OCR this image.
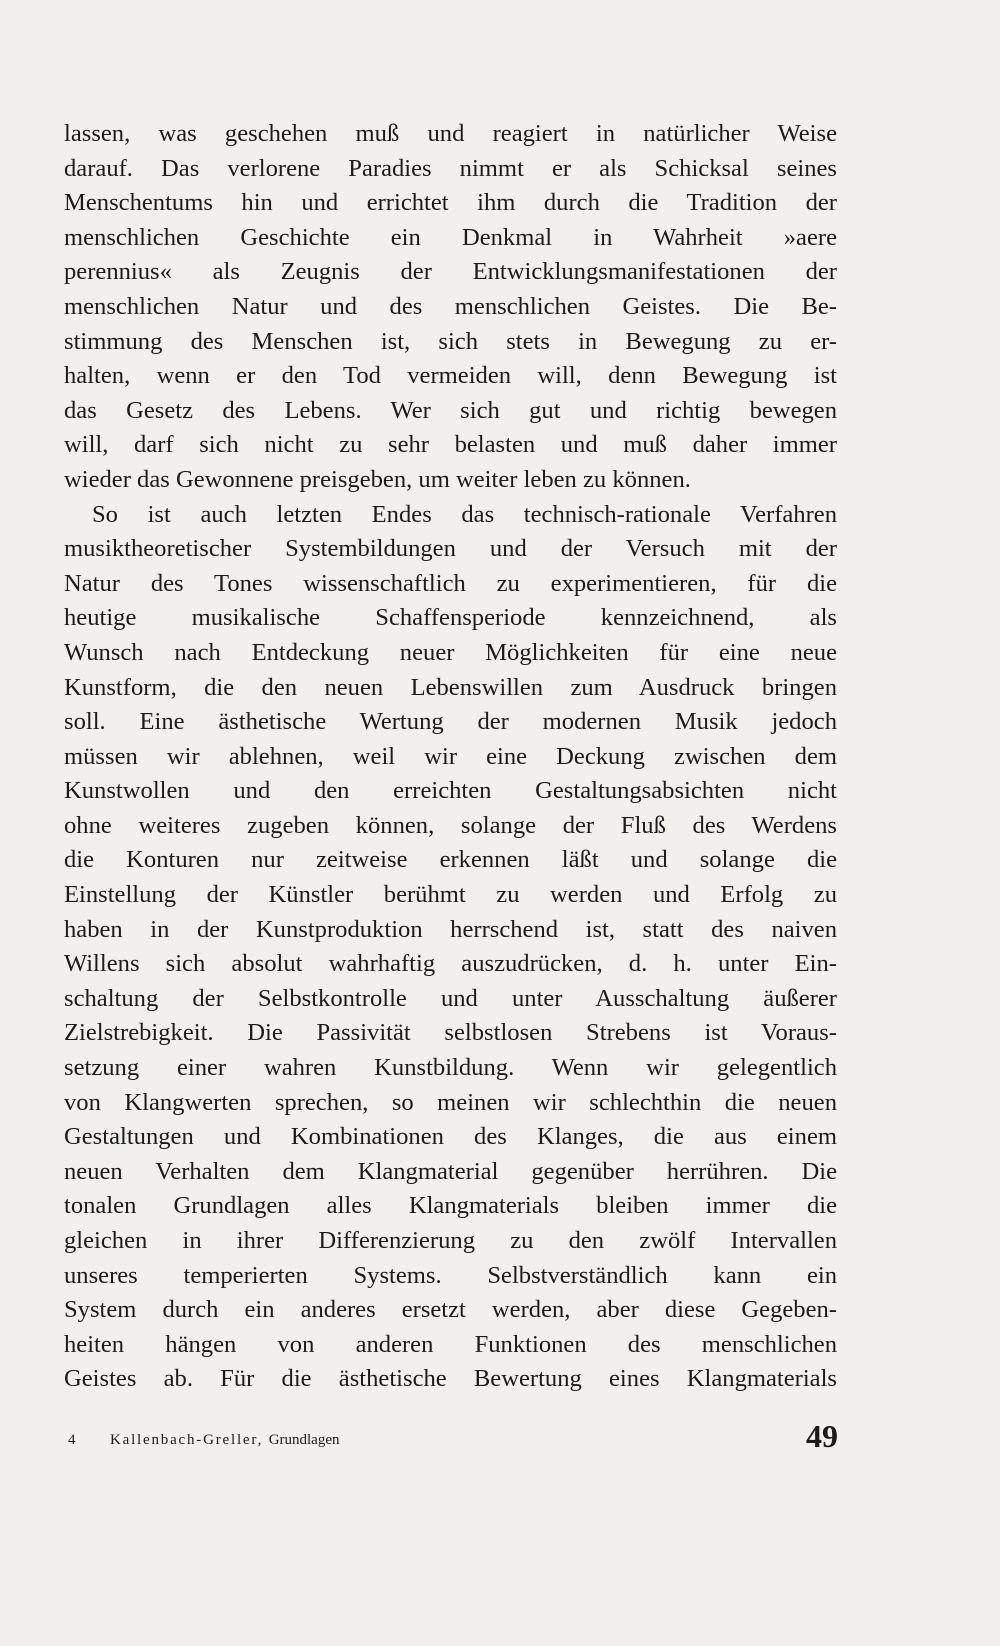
lassen, was geschehen muß und reagiert in natürlicher Weise
darauf. Das verlorene Paradies nimmt er als Schicksal seines
Menschentums hin und errichtet ihm durch die Tradition der
menschlichen Geschichte ein Denkmal in Wahrheit »aere
perennius« als Zeugnis der Entwicklungsmanifestationen der
menschlichen Natur und des menschlichen Geistes. Die Be-
stimmung des Menschen ist, sich stets in Bewegung zu er-
halten, wenn er den Tod vermeiden will, denn Bewegung ist
das Gesetz des Lebens. Wer sich gut und richtig bewegen
will, darf sich nicht zu sehr belasten und muß daher immer
wieder das Gewonnene preisgeben, um weiter leben zu können.
So ist auch letzten Endes das technisch-rationale Verfahren
musiktheoretischer Systembildungen und der Versuch mit der
Natur des Tones wissenschaftlich zu experimentieren, für die
heutige musikalische Schaffensperiode kennzeichnend, als
Wunsch nach Entdeckung neuer Möglichkeiten für eine neue
Kunstform, die den neuen Lebenswillen zum Ausdruck bringen
soll. Eine ästhetische Wertung der modernen Musik jedoch
müssen wir ablehnen, weil wir eine Deckung zwischen dem
Kunstwollen und den erreichten Gestaltungsabsichten nicht
ohne weiteres zugeben können, solange der Fluß des Werdens
die Konturen nur zeitweise erkennen läßt und solange die
Einstellung der Künstler berühmt zu werden und Erfolg zu
haben in der Kunstproduktion herrschend ist, statt des naiven
Willens sich absolut wahrhaftig auszudrücken, d. h. unter Ein-
schaltung der Selbstkontrolle und unter Ausschaltung äußerer
Zielstrebigkeit. Die Passivität selbstlosen Strebens ist Voraus-
setzung einer wahren Kunstbildung. Wenn wir gelegentlich
von Klangwerten sprechen, so meinen wir schlechthin die neuen
Gestaltungen und Kombinationen des Klanges, die aus einem
neuen Verhalten dem Klangmaterial gegenüber herrühren. Die
tonalen Grundlagen alles Klangmaterials bleiben immer die
gleichen in ihrer Differenzierung zu den zwölf Intervallen
unseres temperierten Systems. Selbstverständlich kann ein
System durch ein anderes ersetzt werden, aber diese Gegeben-
heiten hängen von anderen Funktionen des menschlichen
Geistes ab. Für die ästhetische Bewertung eines Klangmaterials
4 Kallenbach-Greller, Grundlagen	49
